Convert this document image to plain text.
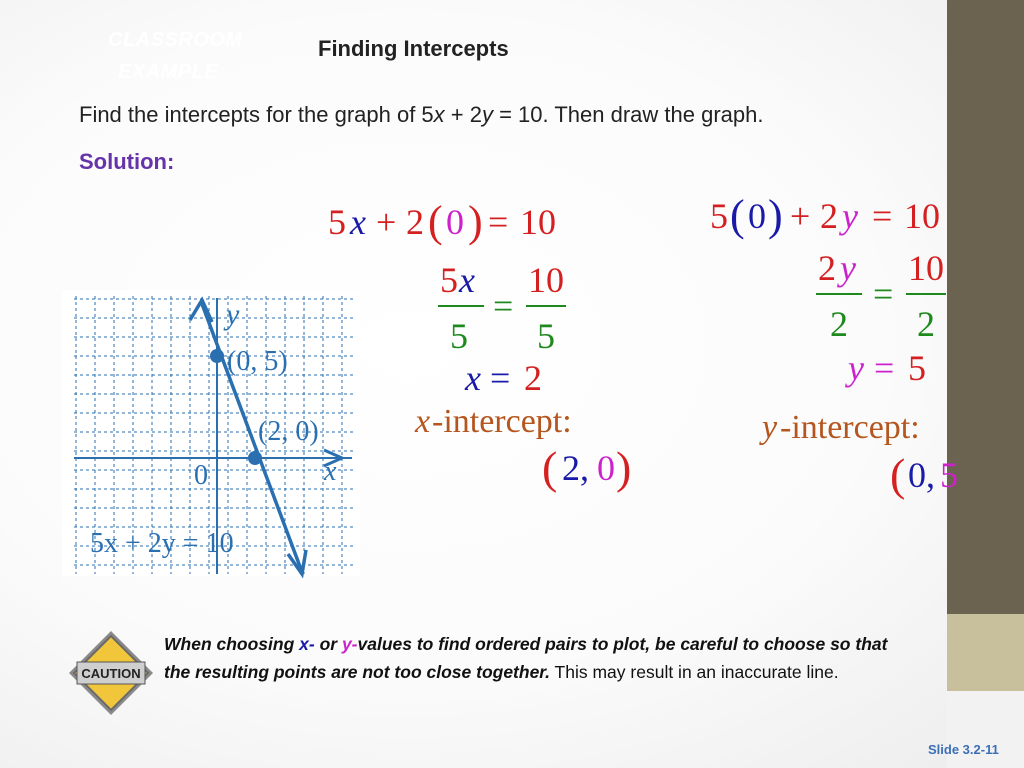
CLASSROOM
EXAMPLE
Finding Intercepts
Find the intercepts for the graph of 5x + 2y = 10. Then draw the graph.
Solution:
5 x + 2 ( 0 ) = 10
5 x
5
=
10
5
x = 2
x -intercept:
( 2 , 0 )
5 ( 0 ) + 2 y = 10
2 y
2
=
10
2
y = 5
y -intercept:
( 0 , 5
y
x
0
(0, 5)
(2, 0)
5x + 2y = 10
CAUTION
When choosing x- or y-values to find ordered pairs to plot, be careful to choose so that the resulting points are not too close together. This may result in an inaccurate line.
Slide 3.2-11
